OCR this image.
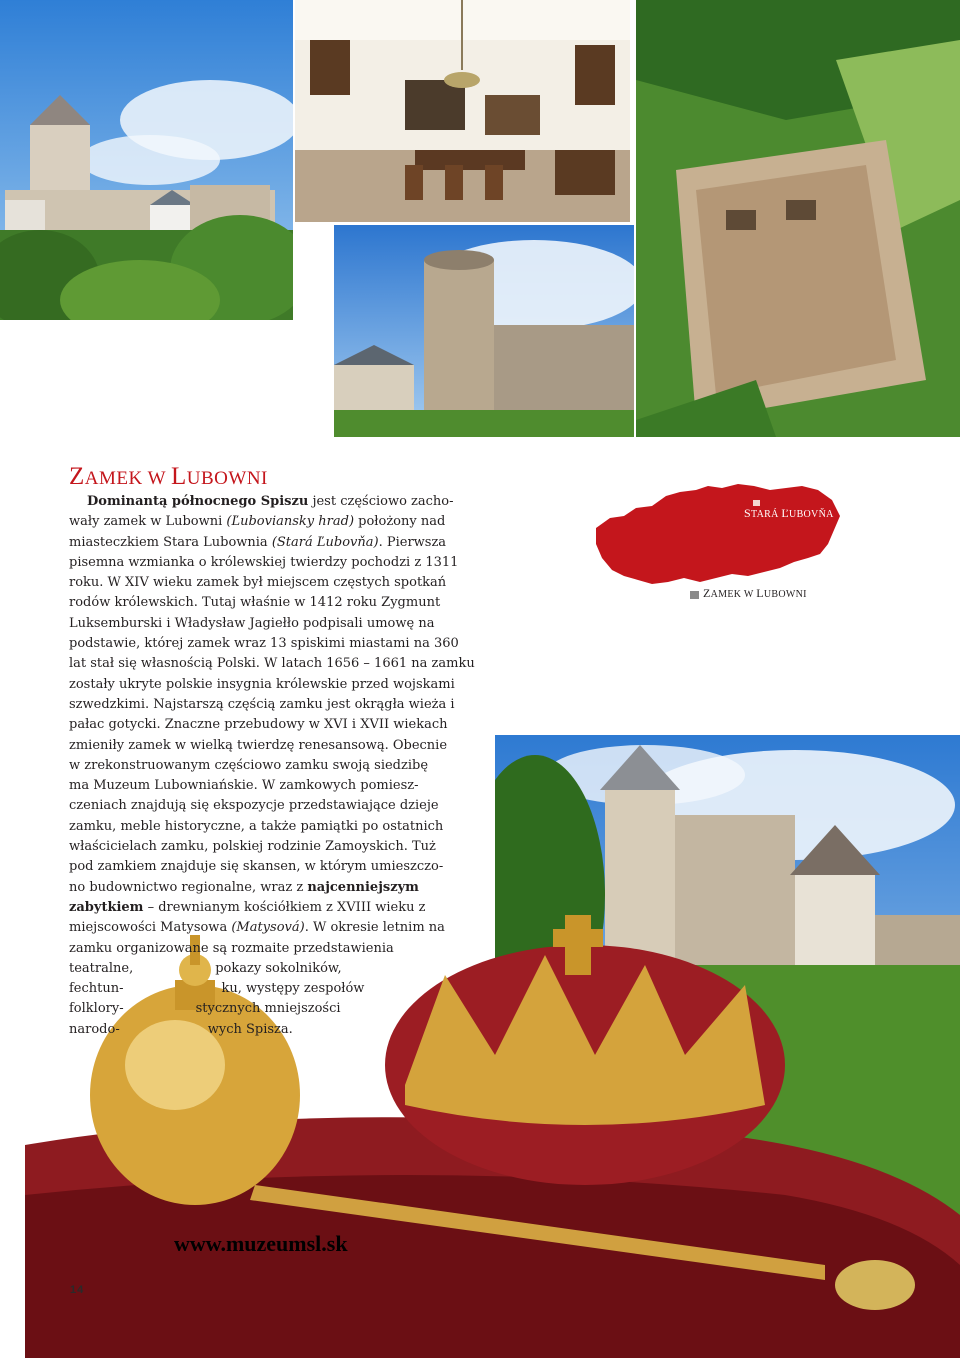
STARÁ ĽUBOVŇA
ZAMEK W LUBOWNI
ZAMEK W LUBOWNI
Dominantą północnego Spiszu jest częściowo zacho-
wały zamek w Lubowni (Ľuboviansky hrad) położony nad
miasteczkiem Stara Lubownia (Stará Ľubovňa). Pierwsza
pisemna wzmianka o królewskiej twierdzy pochodzi z 1311
roku. W XIV wieku zamek był miejscem częstych spotkań
rodów królewskich. Tutaj właśnie w 1412 roku Zygmunt
Luksemburski i Władysław Jagiełło podpisali umowę na
podstawie, której zamek wraz 13 spiskimi miastami na 360
lat stał się własnością Polski. W latach 1656 – 1661 na zamku
zostały ukryte polskie insygnia królewskie przed wojskami
szwedzkimi. Najstarszą częścią zamku jest okrągła wieża i
pałac gotycki. Znaczne przebudowy w XVI i XVII wiekach
zmieniły zamek w wielką twierdzę renesansową. Obecnie
w zrekonstruowanym częściowo zamku swoją siedzibę
ma Muzeum Lubowniańskie. W zamkowych pomiesz-
czeniach znajdują się ekspozycje przedstawiające dzieje
zamku, meble historyczne, a także pamiątki po ostatnich
właścicielach zamku, polskiej rodzinie Zamoyskich. Tuż
pod zamkiem znajduje się skansen, w którym umieszczo-
no budownictwo regionalne, wraz z najcenniejszym
zabytkiem – drewnianym kościółkiem z XVIII wieku z
miejscowości Matysowa (Matysová). W okresie letnim na
zamku organizowane są rozmaite przedstawienia
teatralne,	pokazy sokolników,
fechtun-	ku, występy zespołów
folklory-	stycznych mniejszości
narodo-	wych Spisza.
www.muzeumsl.sk
14
